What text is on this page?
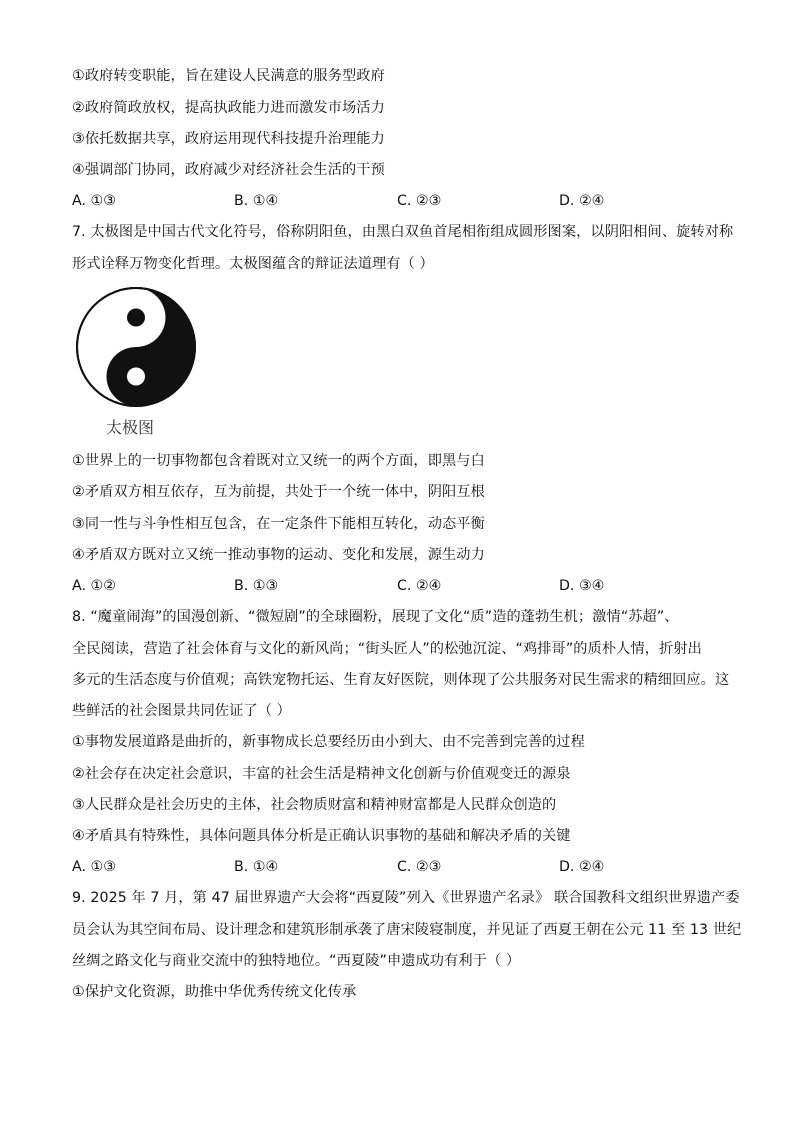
①政府转变职能，旨在建设人民满意的服务型政府
②政府简政放权，提高执政能力进而激发市场活力
③依托数据共享，政府运用现代科技提升治理能力
④强调部门协同，政府减少对经济社会生活的干预
A. ①③	B. ①④	C. ②③	D. ②④
7. 太极图是中国古代文化符号，俗称阴阳鱼，由黑白双鱼首尾相衔组成圆形图案，以阴阳相间、旋转对称
形式诠释万物变化哲理。太极图蕴含的辩证法道理有（ ）
太极图
①世界上的一切事物都包含着既对立又统一的两个方面，即黑与白
②矛盾双方相互依存，互为前提，共处于一个统一体中，阴阳互根
③同一性与斗争性相互包含，在一定条件下能相互转化，动态平衡
④矛盾双方既对立又统一推动事物的运动、变化和发展，源生动力
A. ①②	B. ①③	C. ②④	D. ③④
8. “魔童闹海”的国漫创新、“微短剧”的全球圈粉，展现了文化“质”造的蓬勃生机；激情“苏超”、
全民阅读，营造了社会体育与文化的新风尚；“街头匠人”的松弛沉淀、“鸡排哥”的质朴人情，折射出
多元的生活态度与价值观；高铁宠物托运、生育友好医院，则体现了公共服务对民生需求的精细回应。这
些鲜活的社会图景共同佐证了（ ）
①事物发展道路是曲折的，新事物成长总要经历由小到大、由不完善到完善的过程
②社会存在决定社会意识，丰富的社会生活是精神文化创新与价值观变迁的源泉
③人民群众是社会历史的主体，社会物质财富和精神财富都是人民群众创造的
④矛盾具有特殊性，具体问题具体分析是正确认识事物的基础和解决矛盾的关键
A. ①③	B. ①④	C. ②③	D. ②④
9. 2025 年 7 月，第 47 届世界遗产大会将“西夏陵”列入《世界遗产名录》 联合国教科文组织世界遗产委
员会认为其空间布局、设计理念和建筑形制承袭了唐宋陵寝制度，并见证了西夏王朝在公元 11 至 13 世纪
丝绸之路文化与商业交流中的独特地位。“西夏陵”申遗成功有利于（ ）
①保护文化资源，助推中华优秀传统文化传承
